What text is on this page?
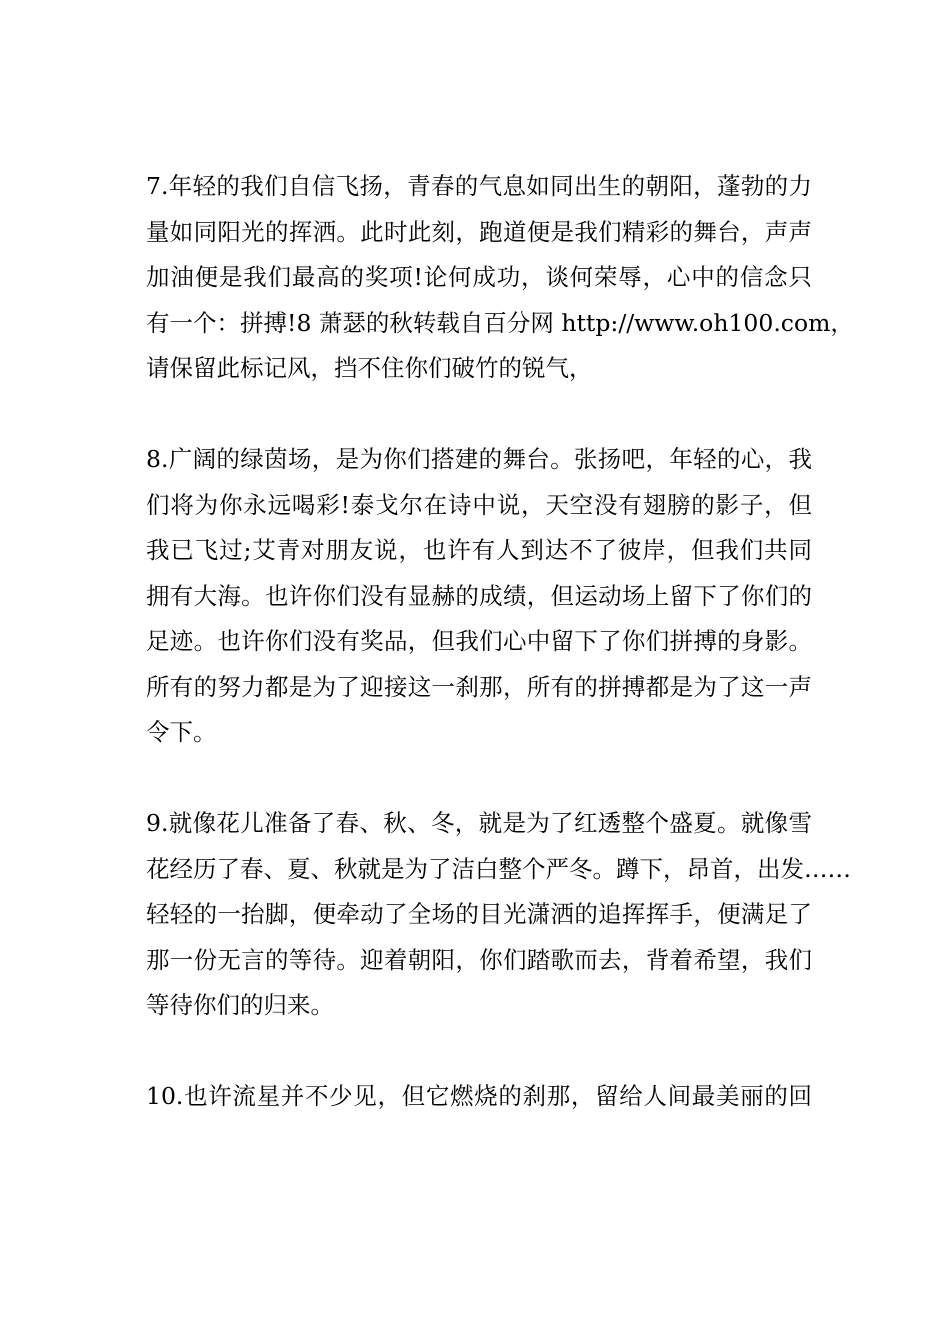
7.年轻的我们自信飞扬，青春的气息如同出生的朝阳，蓬勃的力
量如同阳光的挥洒。此时此刻，跑道便是我们精彩的舞台，声声
加油便是我们最高的奖项!论何成功，谈何荣辱，心中的信念只
有一个：拼搏!8 萧瑟的秋转载自百分网 http://www.oh100.com，
请保留此标记风，挡不住你们破竹的锐气，
8.广阔的绿茵场，是为你们搭建的舞台。张扬吧，年轻的心，我
们将为你永远喝彩!泰戈尔在诗中说，天空没有翅膀的影子，但
我已飞过;艾青对朋友说，也许有人到达不了彼岸，但我们共同
拥有大海。也许你们没有显赫的成绩，但运动场上留下了你们的
足迹。也许你们没有奖品，但我们心中留下了你们拼搏的身影。
所有的努力都是为了迎接这一刹那，所有的拼搏都是为了这一声
令下。
9.就像花儿准备了春、秋、冬，就是为了红透整个盛夏。就像雪
花经历了春、夏、秋就是为了洁白整个严冬。蹲下，昂首，出发……
轻轻的一抬脚，便牵动了全场的目光潇洒的追挥挥手，便满足了
那一份无言的等待。迎着朝阳，你们踏歌而去，背着希望，我们
等待你们的归来。
10.也许流星并不少见，但它燃烧的刹那，留给人间最美丽的回
